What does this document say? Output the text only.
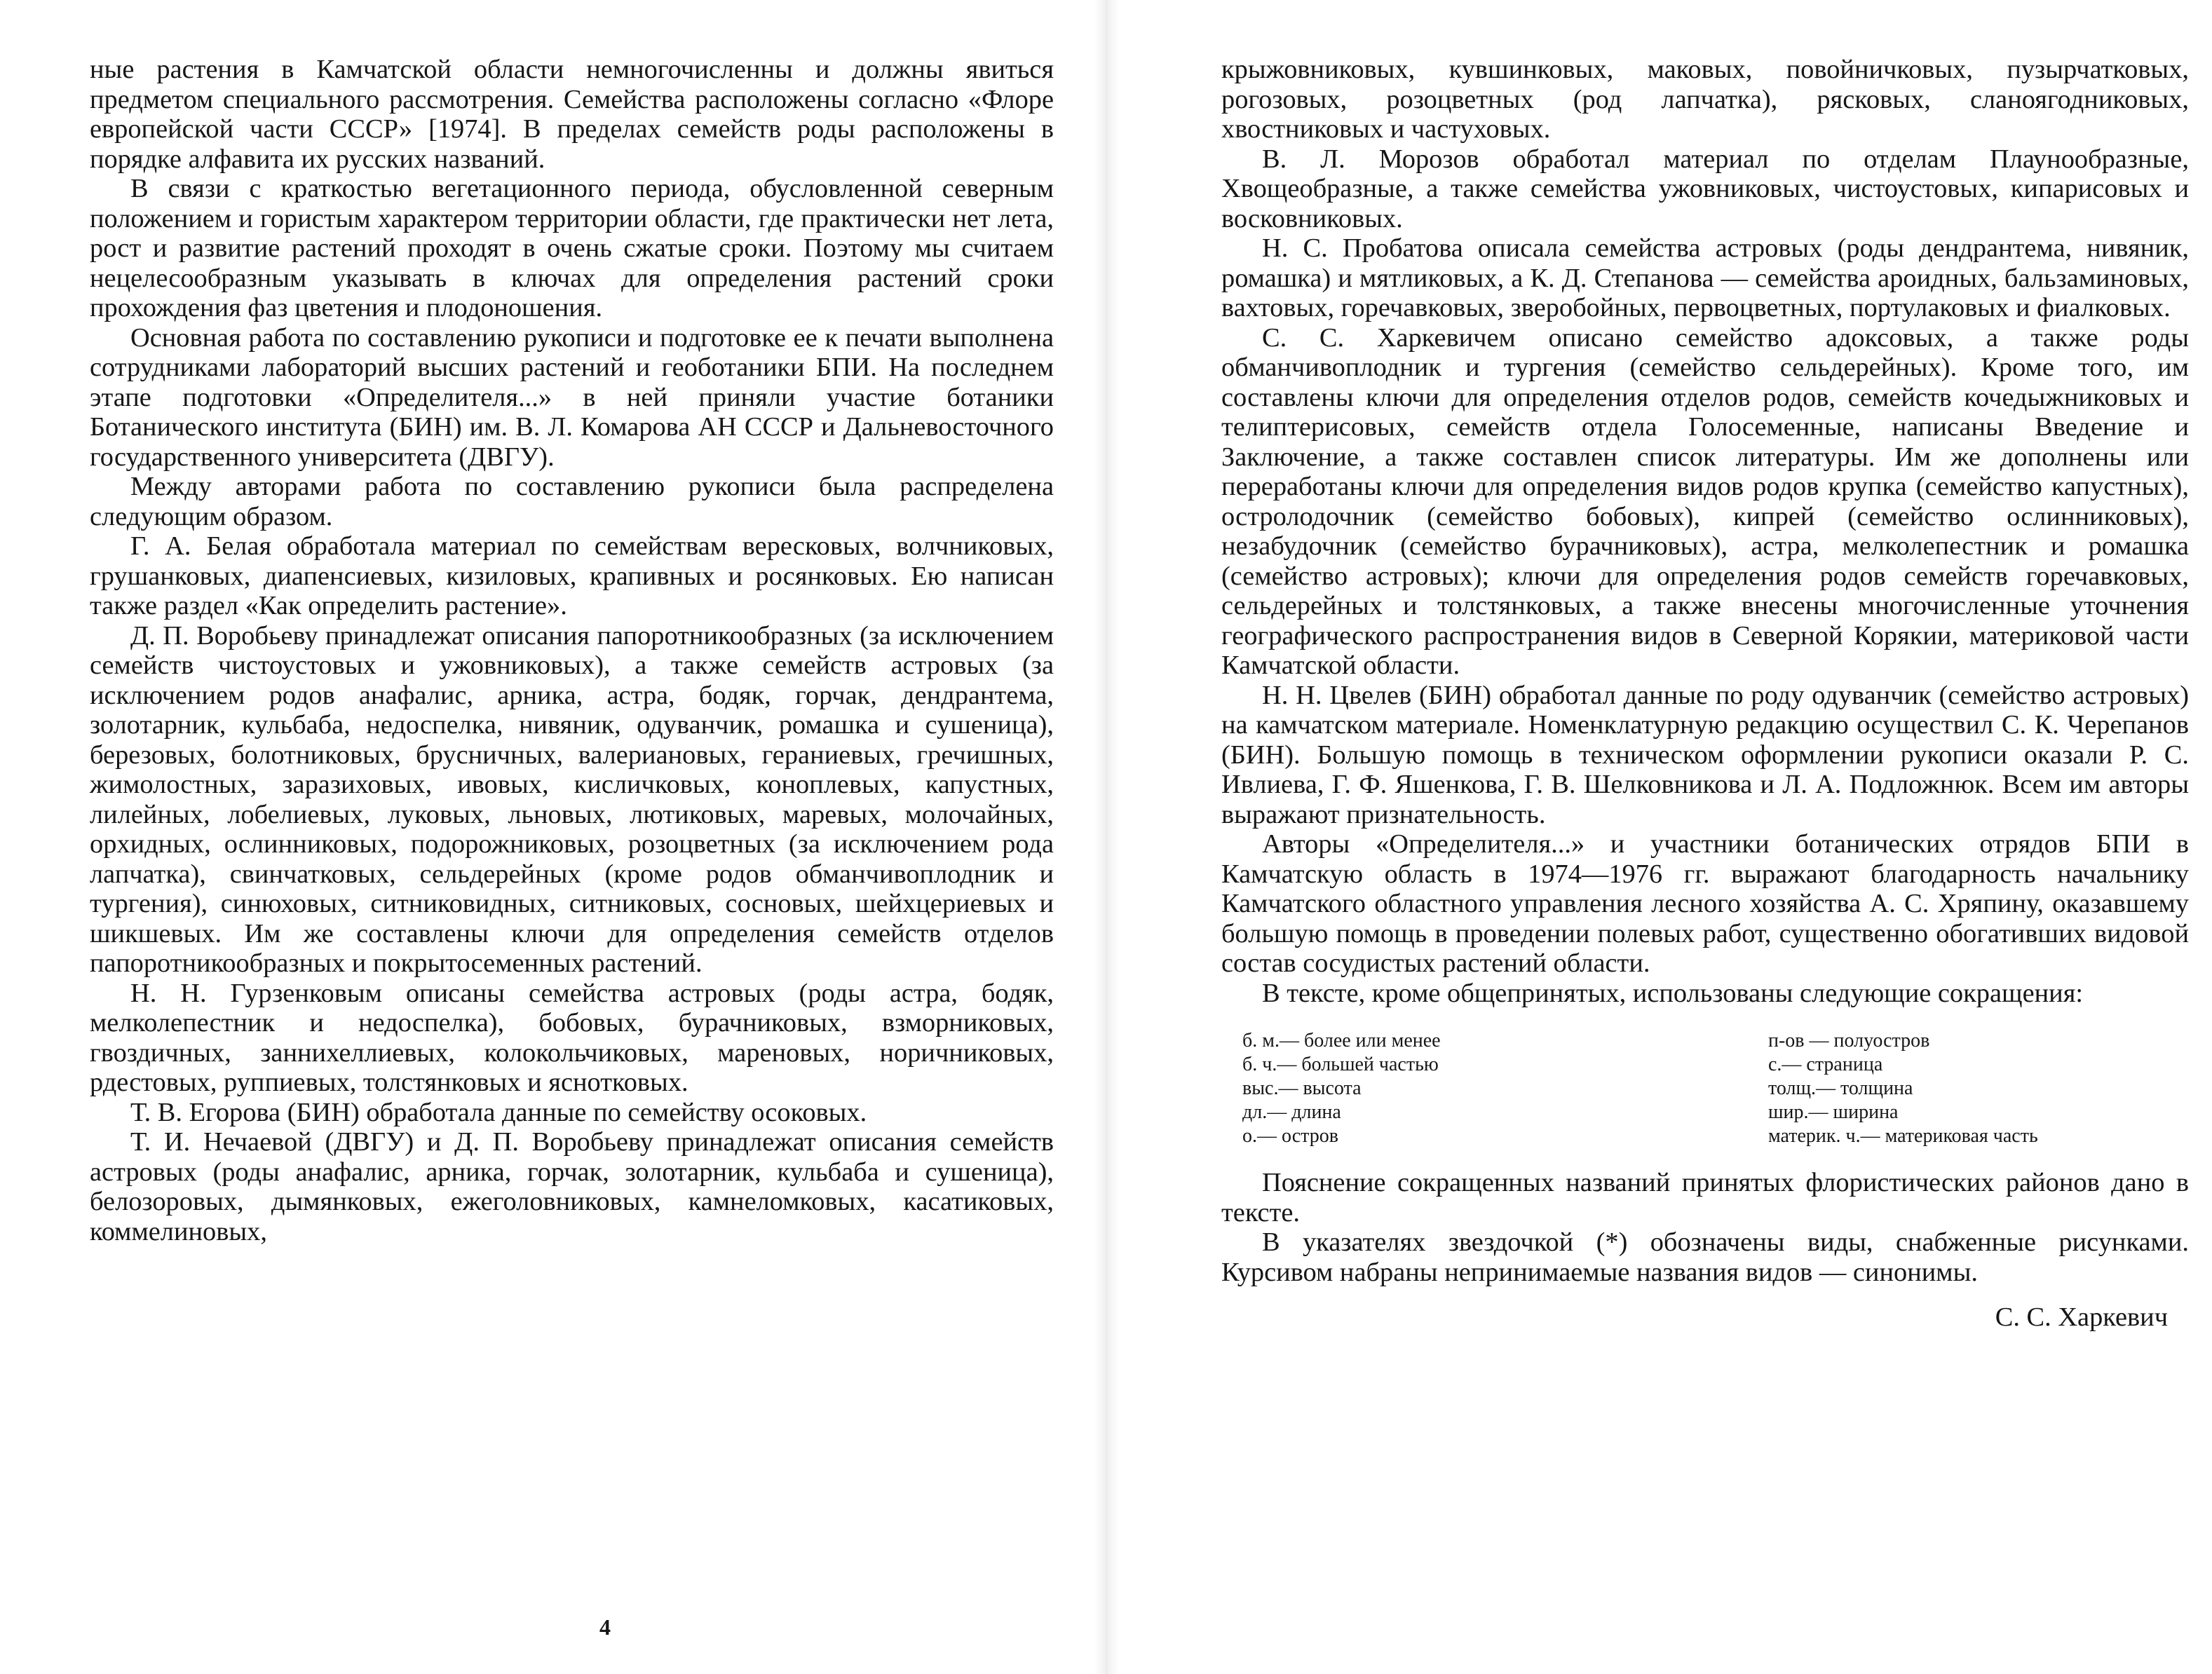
ные растения в Камчатской области немногочисленны и должны явиться предметом специального рассмотрения. Семейства расположены согласно «Флоре европейской части СССР» [1974]. В пределах семейств роды расположены в порядке алфавита их русских названий.

В связи с краткостью вегетационного периода, обусловленной северным положением и гористым характером территории области, где практически нет лета, рост и развитие растений проходят в очень сжатые сроки. Поэтому мы считаем нецелесообразным указывать в ключах для определения растений сроки прохождения фаз цветения и плодоношения.

Основная работа по составлению рукописи и подготовке ее к печати выполнена сотрудниками лабораторий высших растений и геоботаники БПИ. На последнем этапе подготовки «Определителя...» в ней приняли участие ботаники Ботанического института (БИН) им. В. Л. Комарова АН СССР и Дальневосточного государственного университета (ДВГУ).

Между авторами работа по составлению рукописи была распределена следующим образом.

Г. А. Белая обработала материал по семействам вересковых, волчниковых, грушанковых, диапенсиевых, кизиловых, крапивных и росянковых. Ею написан также раздел «Как определить растение».

Д. П. Воробьеву принадлежат описания папоротникообразных (за исключением семейств чистоустовых и ужовниковых), а также семейств астровых (за исключением родов анафалис, арника, астра, бодяк, горчак, дендрантема, золотарник, кульбаба, недоспелка, нивяник, одуванчик, ромашка и сушеница), березовых, болотниковых, брусничных, валериановых, гераниевых, гречишных, жимолостных, заразиховых, ивовых, кисличковых, коноплевых, капустных, лилейных, лобелиевых, луковых, льновых, лютиковых, маревых, молочайных, орхидных, ослинниковых, подорожниковых, розоцветных (за исключением рода лапчатка), свинчатковых, сельдерейных (кроме родов обманчивоплодник и тургения), синюховых, ситниковидных, ситниковых, сосновых, шейхцериевых и шикшевых. Им же составлены ключи для определения семейств отделов папоротникообразных и покрытосеменных растений.

Н. Н. Гурзенковым описаны семейства астровых (роды астра, бодяк, мелколепестник и недоспелка), бобовых, бурачниковых, взморниковых, гвоздичных, заннихеллиевых, колокольчиковых, мареновых, норичниковых, рдестовых, руппиевых, толстянковых и яснотковых.

Т. В. Егорова (БИН) обработала данные по семейству осоковых.

Т. И. Нечаевой (ДВГУ) и Д. П. Воробьеву принадлежат описания семейств астровых (роды анафалис, арника, горчак, золотарник, кульбаба и сушеница), белозоровых, дымянковых, ежеголовниковых, камнеломковых, касатиковых, коммелиновых,

4

крыжовниковых, кувшинковых, маковых, повойничковых, пузырчатковых, рогозовых, розоцветных (род лапчатка), рясковых, сланоягодниковых, хвостниковых и частуховых.

В. Л. Морозов обработал материал по отделам Плаунообразные, Хвощеобразные, а также семейства ужовниковых, чистоустовых, кипарисовых и восковниковых.

Н. С. Пробатова описала семейства астровых (роды дендрантема, нивяник, ромашка) и мятликовых, а К. Д. Степанова — семейства ароидных, бальзаминовых, вахтовых, горечавковых, зверобойных, первоцветных, портулаковых и фиалковых.

С. С. Харкевичем описано семейство адоксовых, а также роды обманчивоплодник и тургения (семейство сельдерейных). Кроме того, им составлены ключи для определения отделов родов, семейств кочедыжниковых и телиптерисовых, семейств отдела Голосеменные, написаны Введение и Заключение, а также составлен список литературы. Им же дополнены или переработаны ключи для определения видов родов крупка (семейство капустных), остролодочник (семейство бобовых), кипрей (семейство ослинниковых), незабудочник (семейство бурачниковых), астра, мелколепестник и ромашка (семейство астровых); ключи для определения родов семейств горечавковых, сельдерейных и толстянковых, а также внесены многочисленные уточнения географического распространения видов в Северной Корякии, материковой части Камчатской области.

Н. Н. Цвелев (БИН) обработал данные по роду одуванчик (семейство астровых) на камчатском материале. Номенклатурную редакцию осуществил С. К. Черепанов (БИН). Большую помощь в техническом оформлении рукописи оказали Р. С. Ивлиева, Г. Ф. Яшенкова, Г. В. Шелковникова и Л. А. Подложнюк. Всем им авторы выражают признательность.

Авторы «Определителя...» и участники ботанических отрядов БПИ в Камчатскую область в 1974—1976 гг. выражают благодарность начальнику Камчатского областного управления лесного хозяйства А. С. Хряпину, оказавшему большую помощь в проведении полевых работ, существенно обогативших видовой состав сосудистых растений области.

В тексте, кроме общепринятых, использованы следующие сокращения:

б. м.— более или менее
б. ч.— большей частью
выс.— высота
дл.— длина
о.— остров
п-ов — полуостров
с.— страница
толщ.— толщина
шир.— ширина
материк. ч.— материковая часть

Пояснение сокращенных названий принятых флористических районов дано в тексте.

В указателях звездочкой (*) обозначены виды, снабженные рисунками. Курсивом набраны непринимаемые названия видов — синонимы.

С. С. Харкевич
